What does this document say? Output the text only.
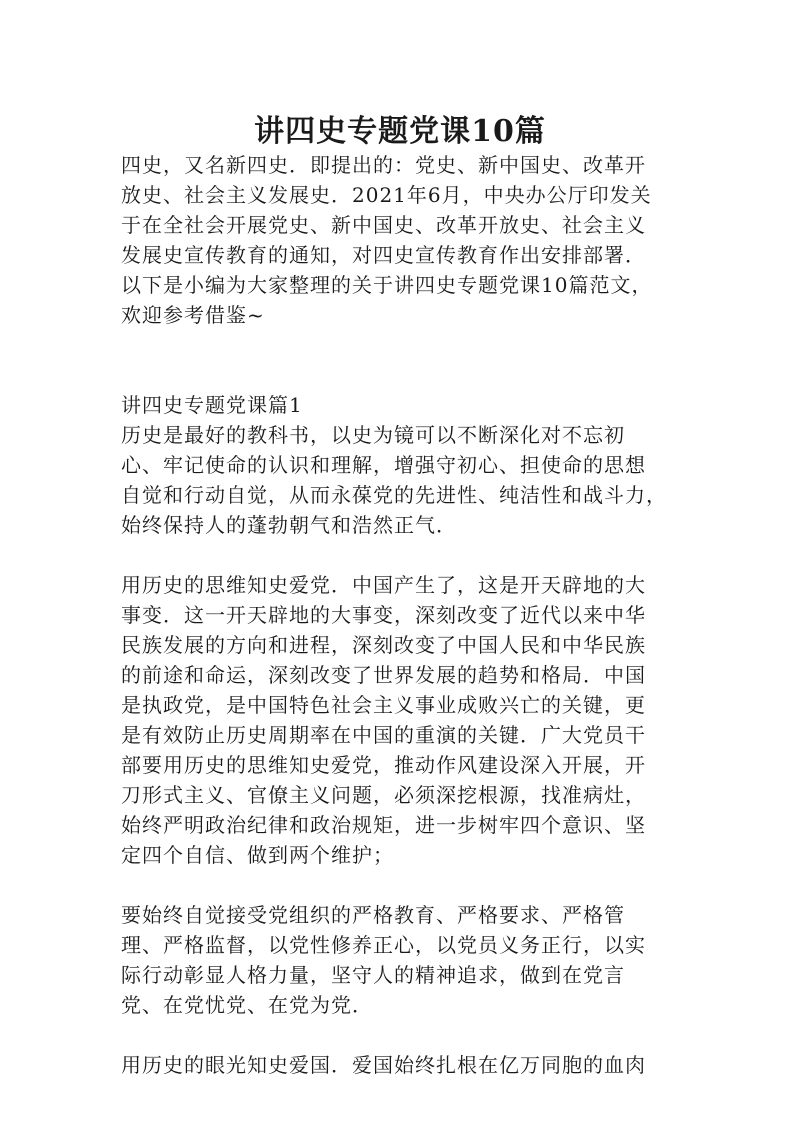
讲四史专题党课10篇
四史，又名新四史．即提出的：党史、新中国史、改革开
放史、社会主义发展史．2021年6月，中央办公厅印发关
于在全社会开展党史、新中国史、改革开放史、社会主义
发展史宣传教育的通知，对四史宣传教育作出安排部署．
以下是小编为大家整理的关于讲四史专题党课10篇范文，
欢迎参考借鉴~
讲四史专题党课篇1
历史是最好的教科书，以史为镜可以不断深化对不忘初
心、牢记使命的认识和理解，增强守初心、担使命的思想
自觉和行动自觉，从而永葆党的先进性、纯洁性和战斗力，
始终保持人的蓬勃朝气和浩然正气．
用历史的思维知史爱党．中国产生了，这是开天辟地的大
事变．这一开天辟地的大事变，深刻改变了近代以来中华
民族发展的方向和进程，深刻改变了中国人民和中华民族
的前途和命运，深刻改变了世界发展的趋势和格局．中国
是执政党，是中国特色社会主义事业成败兴亡的关键，更
是有效防止历史周期率在中国的重演的关键．广大党员干
部要用历史的思维知史爱党，推动作风建设深入开展，开
刀形式主义、官僚主义问题，必须深挖根源，找准病灶，
始终严明政治纪律和政治规矩，进一步树牢四个意识、坚
定四个自信、做到两个维护；
要始终自觉接受党组织的严格教育、严格要求、严格管
理、严格监督，以党性修养正心，以党员义务正行，以实
际行动彰显人格力量，坚守人的精神追求，做到在党言
党、在党忧党、在党为党．
用历史的眼光知史爱国．爱国始终扎根在亿万同胞的血肉
